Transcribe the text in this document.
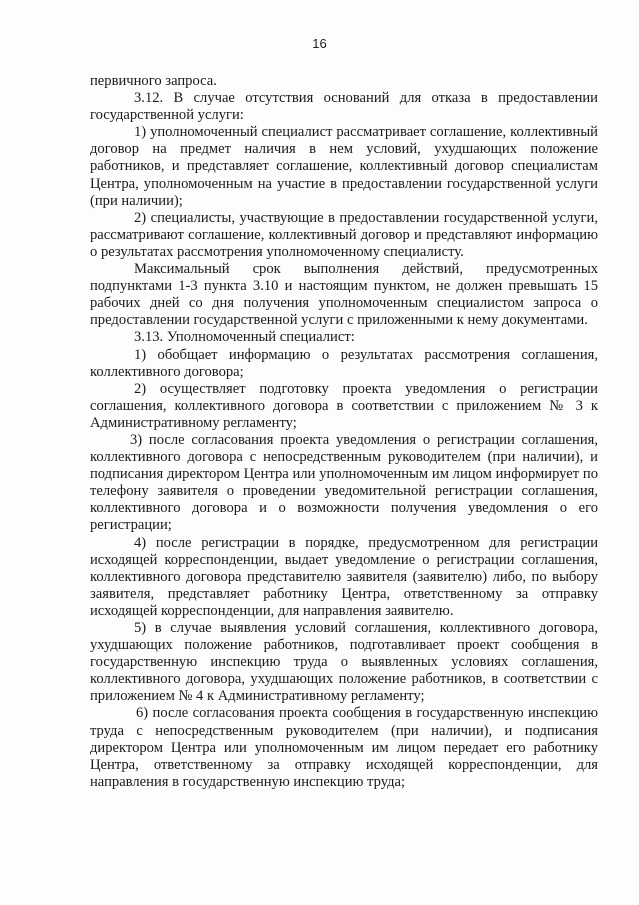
16

первичного запроса.

3.12. В случае отсутствия оснований для отказа в предоставлении государственной услуги:

1) уполномоченный специалист рассматривает соглашение, коллективный договор на предмет наличия в нем условий, ухудшающих положение работников, и представляет соглашение, коллективный договор специалистам Центра, уполномоченным на участие в предоставлении государственной услуги (при наличии);

2) специалисты, участвующие в предоставлении государственной услуги, рассматривают соглашение, коллективный договор и представляют информацию о результатах рассмотрения уполномоченному специалисту.

Максимальный срок выполнения действий, предусмотренных подпунктами 1-3 пункта 3.10 и настоящим пунктом, не должен превышать 15 рабочих дней со дня получения уполномоченным специалистом запроса о предоставлении государственной услуги с приложенными к нему документами.

3.13. Уполномоченный специалист:

1) обобщает информацию о результатах рассмотрения соглашения, коллективного договора;

2) осуществляет подготовку проекта уведомления о регистрации соглашения, коллективного договора в соответствии с приложением № 3 к Административному регламенту;

3) после согласования проекта уведомления о регистрации соглашения, коллективного договора с непосредственным руководителем (при наличии), и подписания директором Центра или уполномоченным им лицом информирует по телефону заявителя о проведении уведомительной регистрации соглашения, коллективного договора и о возможности получения уведомления о его регистрации;

4) после регистрации в порядке, предусмотренном для регистрации исходящей корреспонденции, выдает уведомление о регистрации соглашения, коллективного договора представителю заявителя (заявителю) либо, по выбору заявителя, представляет работнику Центра, ответственному за отправку исходящей корреспонденции, для направления заявителю.

5) в случае выявления условий соглашения, коллективного договора, ухудшающих положение работников, подготавливает проект сообщения в государственную инспекцию труда о выявленных условиях соглашения, коллективного договора, ухудшающих положение работников, в соответствии с приложением № 4 к Административному регламенту;

6) после согласования проекта сообщения в государственную инспекцию труда с непосредственным руководителем (при наличии), и подписания директором Центра или уполномоченным им лицом передает его работнику Центра, ответственному за отправку исходящей корреспонденции, для направления в государственную инспекцию труда;
